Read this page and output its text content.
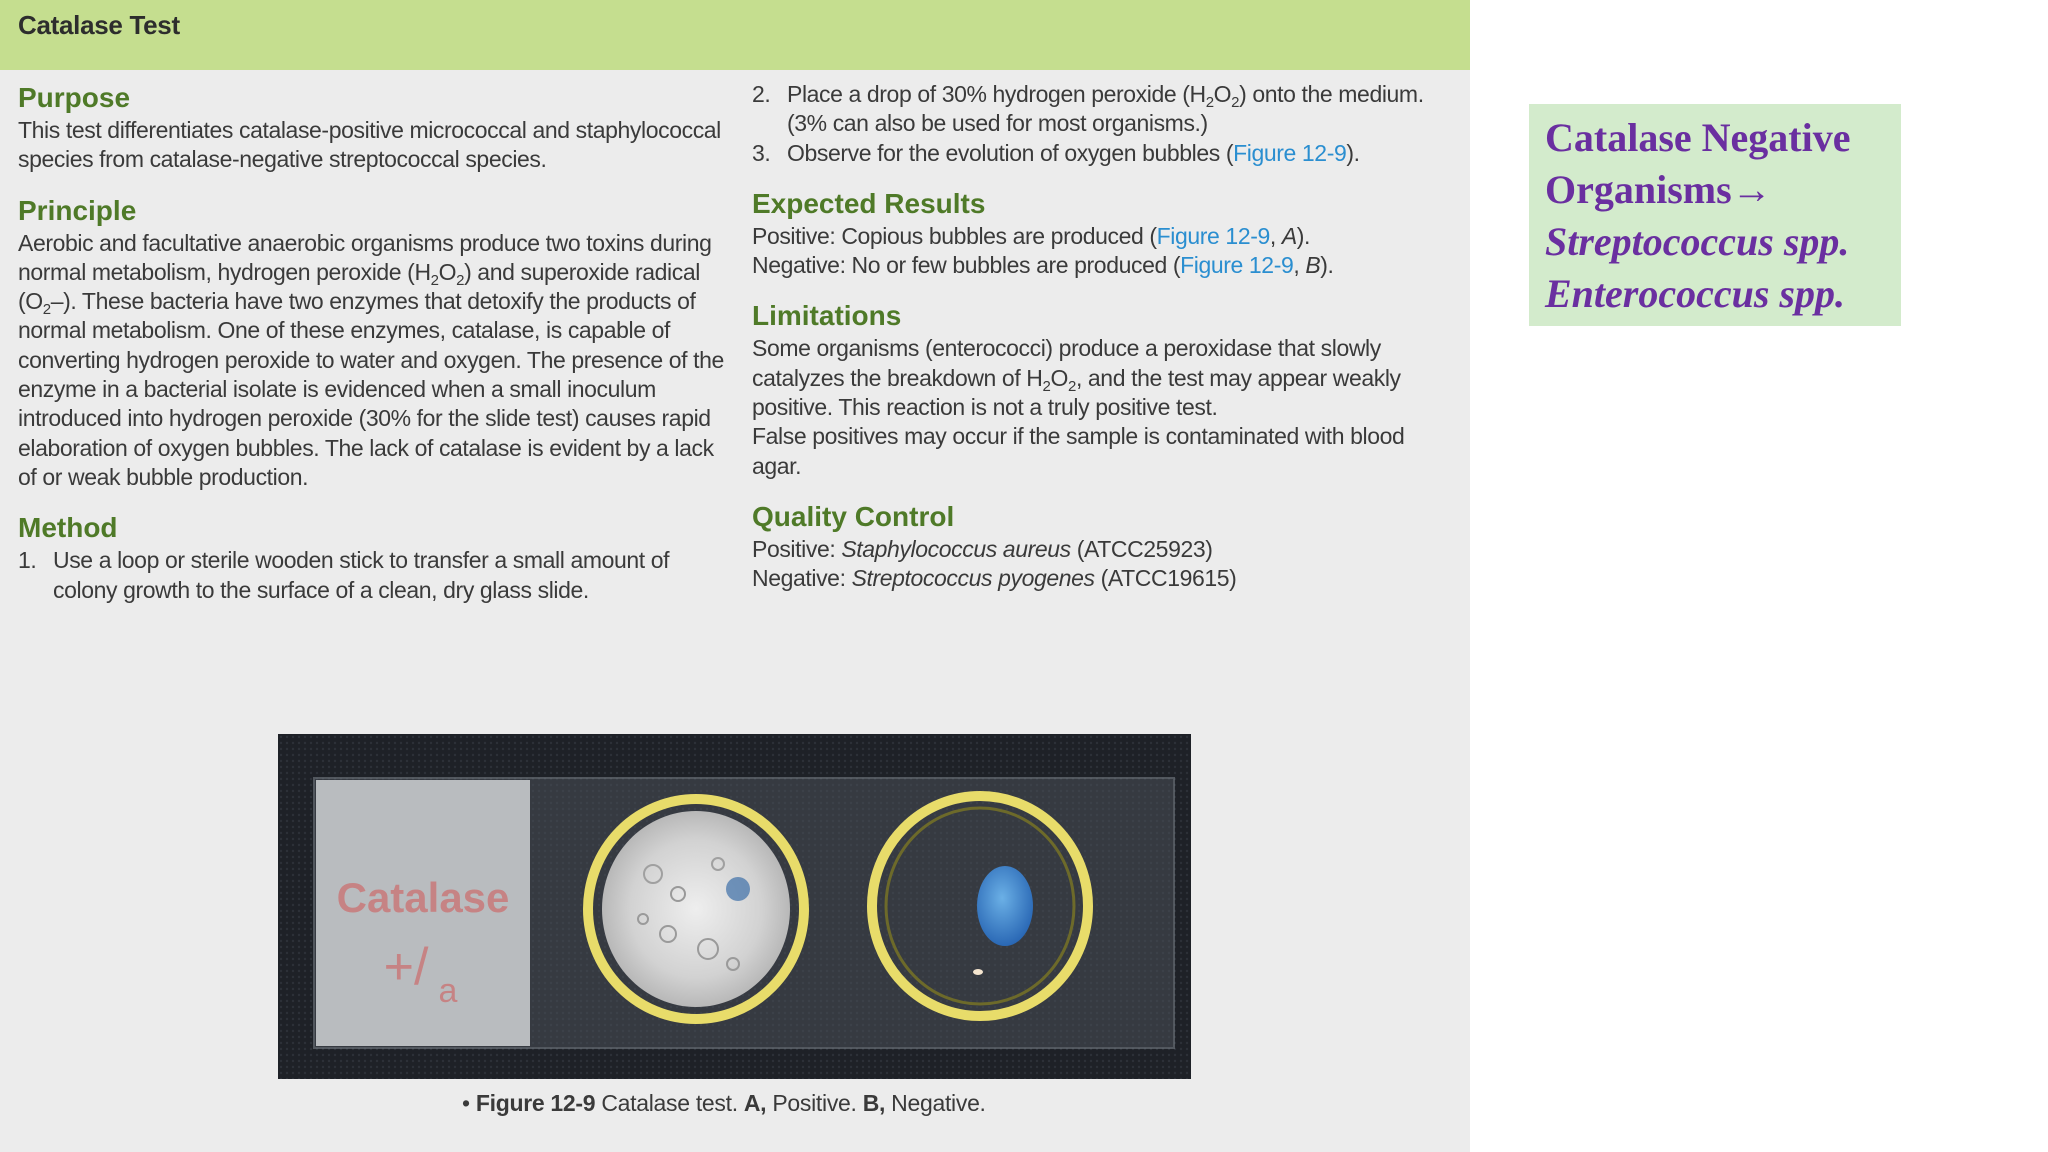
Catalase Test
Purpose

This test differentiates catalase-positive micrococcal and staphylococcal species from catalase-negative streptococcal species.

Principle

Aerobic and facultative anaerobic organisms produce two toxins during normal metabolism, hydrogen peroxide $(H_2O_2)$ and superoxide radical $(O_2-)$. These bacteria have two enzymes that detoxify the products of normal metabolism. One of these enzymes, catalase, is capable of converting hydrogen peroxide to water and oxygen. The presence of the enzyme in a bacterial isolate is evidenced when a small inoculum introduced into hydrogen peroxide (30% for the slide test) causes rapid elaboration of oxygen bubbles. The lack of catalase is evident by a lack of or weak bubble production.

Method
1. Use a loop or sterile wooden stick to transfer a small amount of colony growth to the surface of a clean, dry glass slide.
2. Place a drop of 30% hydrogen peroxide $(H_2O_2)$ onto the medium. (3% can also be used for most organisms.)
3. Observe for the evolution of oxygen bubbles (Figure 12-9).
Expected Results

Positive: Copious bubbles are produced (Figure 12-9, A).

Negative: No or few bubbles are produced (Figure 12-9, B).

Limitations

Some organisms (enterococci) produce a peroxidase that slowly catalyzes the breakdown of $H_2O_2$, and the test may appear weakly positive. This reaction is not a truly positive test.

False positives may occur if the sample is contaminated with blood agar.

Quality Control

Positive: Staphylococcus aureus (ATCC25923)

Negative: Streptococcus pyogenes (ATCC19615)

Catalase
+/ a
• Figure 12-9 Catalase test. A, Positive. B, Negative.
Catalase Negative
Organisms→
Streptococcus spp.
Enterococcus spp.
